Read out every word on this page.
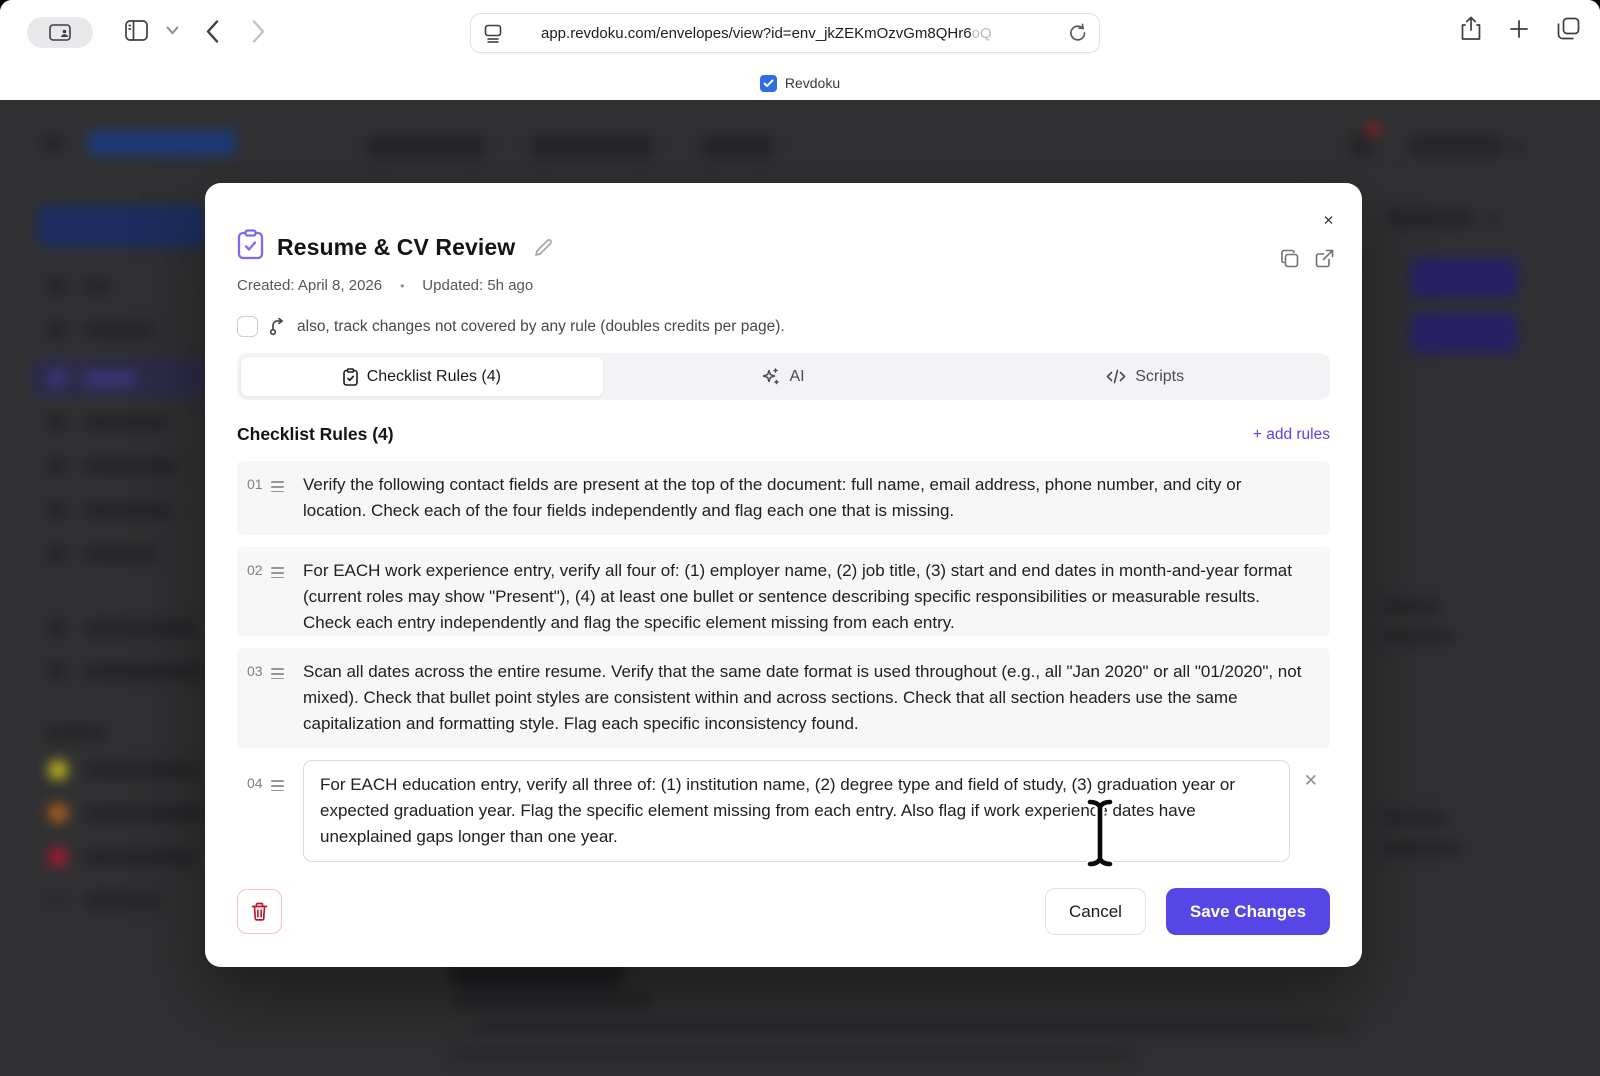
app.revdoku.com/envelopes/view?id=env_jkZEKmOzvGm8QHr6oQ
Revdoku
✕
Resume & CV Review
Created: April 8, 2026 • Updated: 5h ago
also, track changes not covered by any rule (doubles credits per page).
Checklist Rules (4)	AI	Scripts
Checklist Rules (4)	+ add rules
01 Verify the following contact fields are present at the top of the document: full name, email address, phone number, and city or location. Check each of the four fields independently and flag each one that is missing.
02 For EACH work experience entry, verify all four of: (1) employer name, (2) job title, (3) start and end dates in month-and-year format (current roles may show "Present"), (4) at least one bullet or sentence describing specific responsibilities or measurable results. Check each entry independently and flag the specific element missing from each entry.
03 Scan all dates across the entire resume. Verify that the same date format is used throughout (e.g., all "Jan 2020" or all "01/2020", not mixed). Check that bullet point styles are consistent within and across sections. Check that all section headers use the same capitalization and formatting style. Flag each specific inconsistency found.
04	For EACH education entry, verify all three of: (1) institution name, (2) degree type and field of study, (3) graduation year or expected graduation year. Flag the specific element missing from each entry. Also flag if work experience dates have unexplained gaps longer than one year.
✕
Cancel	Save Changes
